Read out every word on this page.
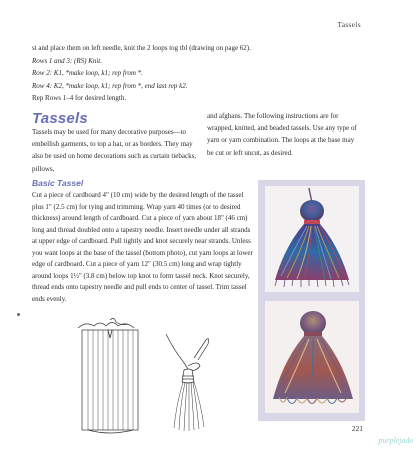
Tassels

st and place them on left needle, knit the 2 loops tog tbl (drawing on page 62).

Rows 1 and 3: (RS) Knit.

Row 2: K1, *make loop, k1; rep from *.

Row 4: K2, *make loop, k1; rep from *, end last rep k2.

Rep Rows 1–4 for desired length.

Tassels

Tassels may be used for many decorative purposes—to embellish garments, to top a hat, or as borders. They may also be used on home decorations such as curtain tiebacks, pillows,

and afghans. The following instructions are for wrapped, knitted, and beaded tassels. Use any type of yarn or yarn combination. The loops at the base may be cut or left uncut, as desired.

Basic Tassel

Cut a piece of cardboard 4" (10 cm) wide by the desired length of the tassel plus 1" (2.5 cm) for tying and trimming. Wrap yarn 40 times (or to desired thickness) around length of cardboard. Cut a piece of yarn about 18" (46 cm) long and thread doubled onto a tapestry needle. Insert needle under all strands at upper edge of cardboard. Pull tightly and knot securely near strands. Unless you want loops at the base of the tassel (bottom photo), cut yarn loops at lower edge of cardboard. Cut a piece of yarn 12" (30.5 cm) long and wrap tightly around loops 1½" (3.8 cm) below top knot to form tassel neck. Knot securely, thread ends onto tapestry needle and pull ends to center of tassel. Trim tassel ends evenly.

221
purplejade
